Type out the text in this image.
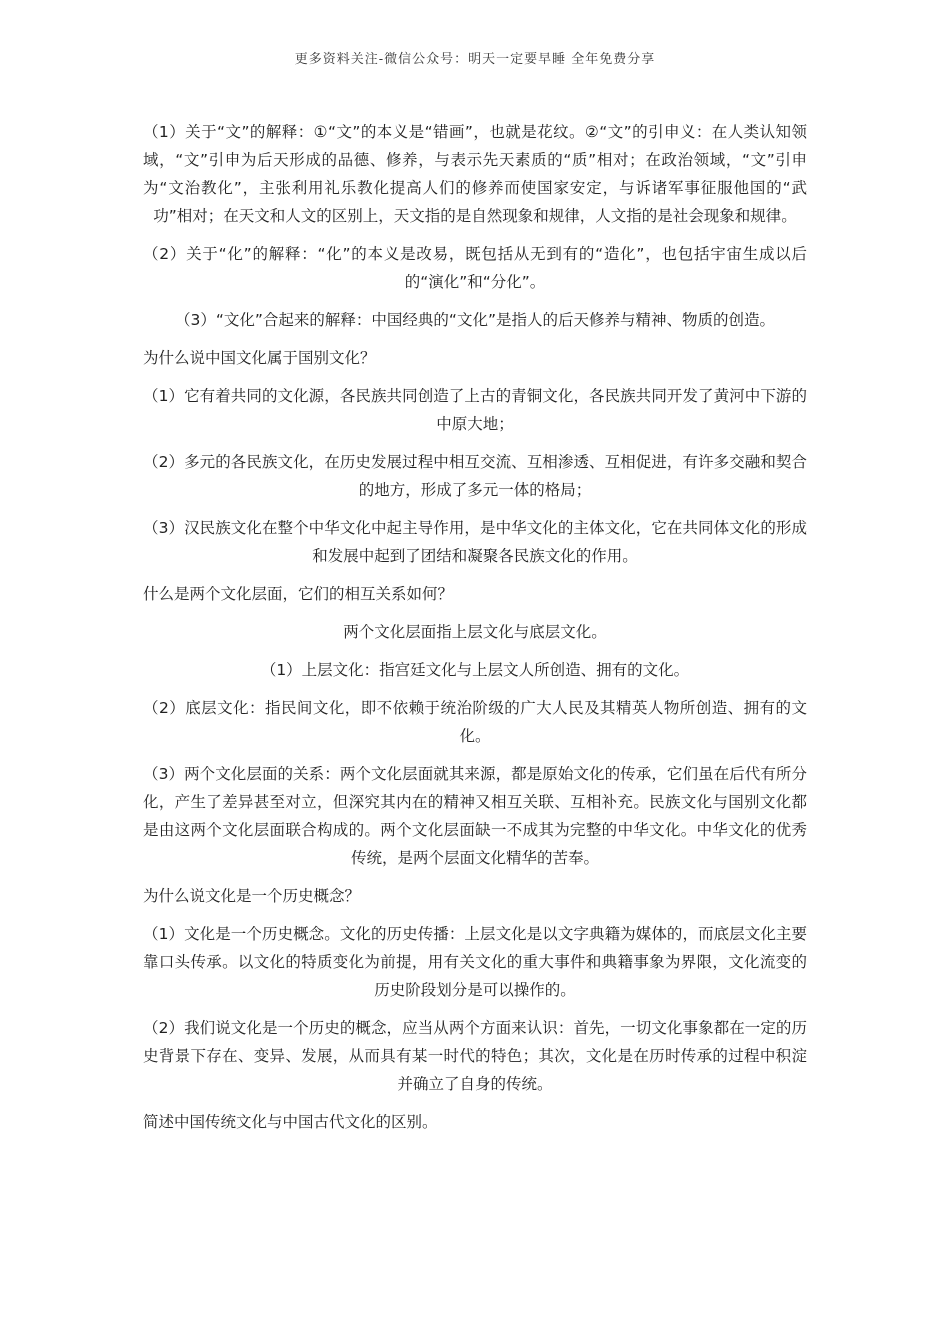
更多资料关注-微信公众号：明天一定要早睡 全年免费分享

（1）关于“文”的解释：①“文”的本义是“错画”，也就是花纹。②“文”的引申义：在人类认知领域，“文”引申为后天形成的品德、修养，与表示先天素质的“质”相对；在政治领域，“文”引申为“文治教化”，主张利用礼乐教化提高人们的修养而使国家安定，与诉诸军事征服他国的“武功”相对；在天文和人文的区别上，天文指的是自然现象和规律，人文指的是社会现象和规律。

（2）关于“化”的解释：“化”的本义是改易，既包括从无到有的“造化”，也包括宇宙生成以后的“演化”和“分化”。

（3）“文化”合起来的解释：中国经典的“文化”是指人的后天修养与精神、物质的创造。

为什么说中国文化属于国别文化？

（1）它有着共同的文化源，各民族共同创造了上古的青铜文化，各民族共同开发了黄河中下游的中原大地；

（2）多元的各民族文化，在历史发展过程中相互交流、互相渗透、互相促进，有许多交融和契合的地方，形成了多元一体的格局；

（3）汉民族文化在整个中华文化中起主导作用，是中华文化的主体文化，它在共同体文化的形成和发展中起到了团结和凝聚各民族文化的作用。

什么是两个文化层面，它们的相互关系如何？

两个文化层面指上层文化与底层文化。

（1）上层文化：指宫廷文化与上层文人所创造、拥有的文化。

（2）底层文化：指民间文化，即不依赖于统治阶级的广大人民及其精英人物所创造、拥有的文化。

（3）两个文化层面的关系：两个文化层面就其来源，都是原始文化的传承，它们虽在后代有所分化，产生了差异甚至对立，但深究其内在的精神又相互关联、互相补充。民族文化与国别文化都是由这两个文化层面联合构成的。两个文化层面缺一不成其为完整的中华文化。中华文化的优秀传统，是两个层面文化精华的苦奉。

为什么说文化是一个历史概念？

（1）文化是一个历史概念。文化的历史传播：上层文化是以文字典籍为媒体的，而底层文化主要靠口头传承。以文化的特质变化为前提，用有关文化的重大事件和典籍事象为界限，文化流变的历史阶段划分是可以操作的。

（2）我们说文化是一个历史的概念，应当从两个方面来认识：首先，一切文化事象都在一定的历史背景下存在、变异、发展，从而具有某一时代的特色；其次，文化是在历时传承的过程中积淀并确立了自身的传统。

简述中国传统文化与中国古代文化的区别。
